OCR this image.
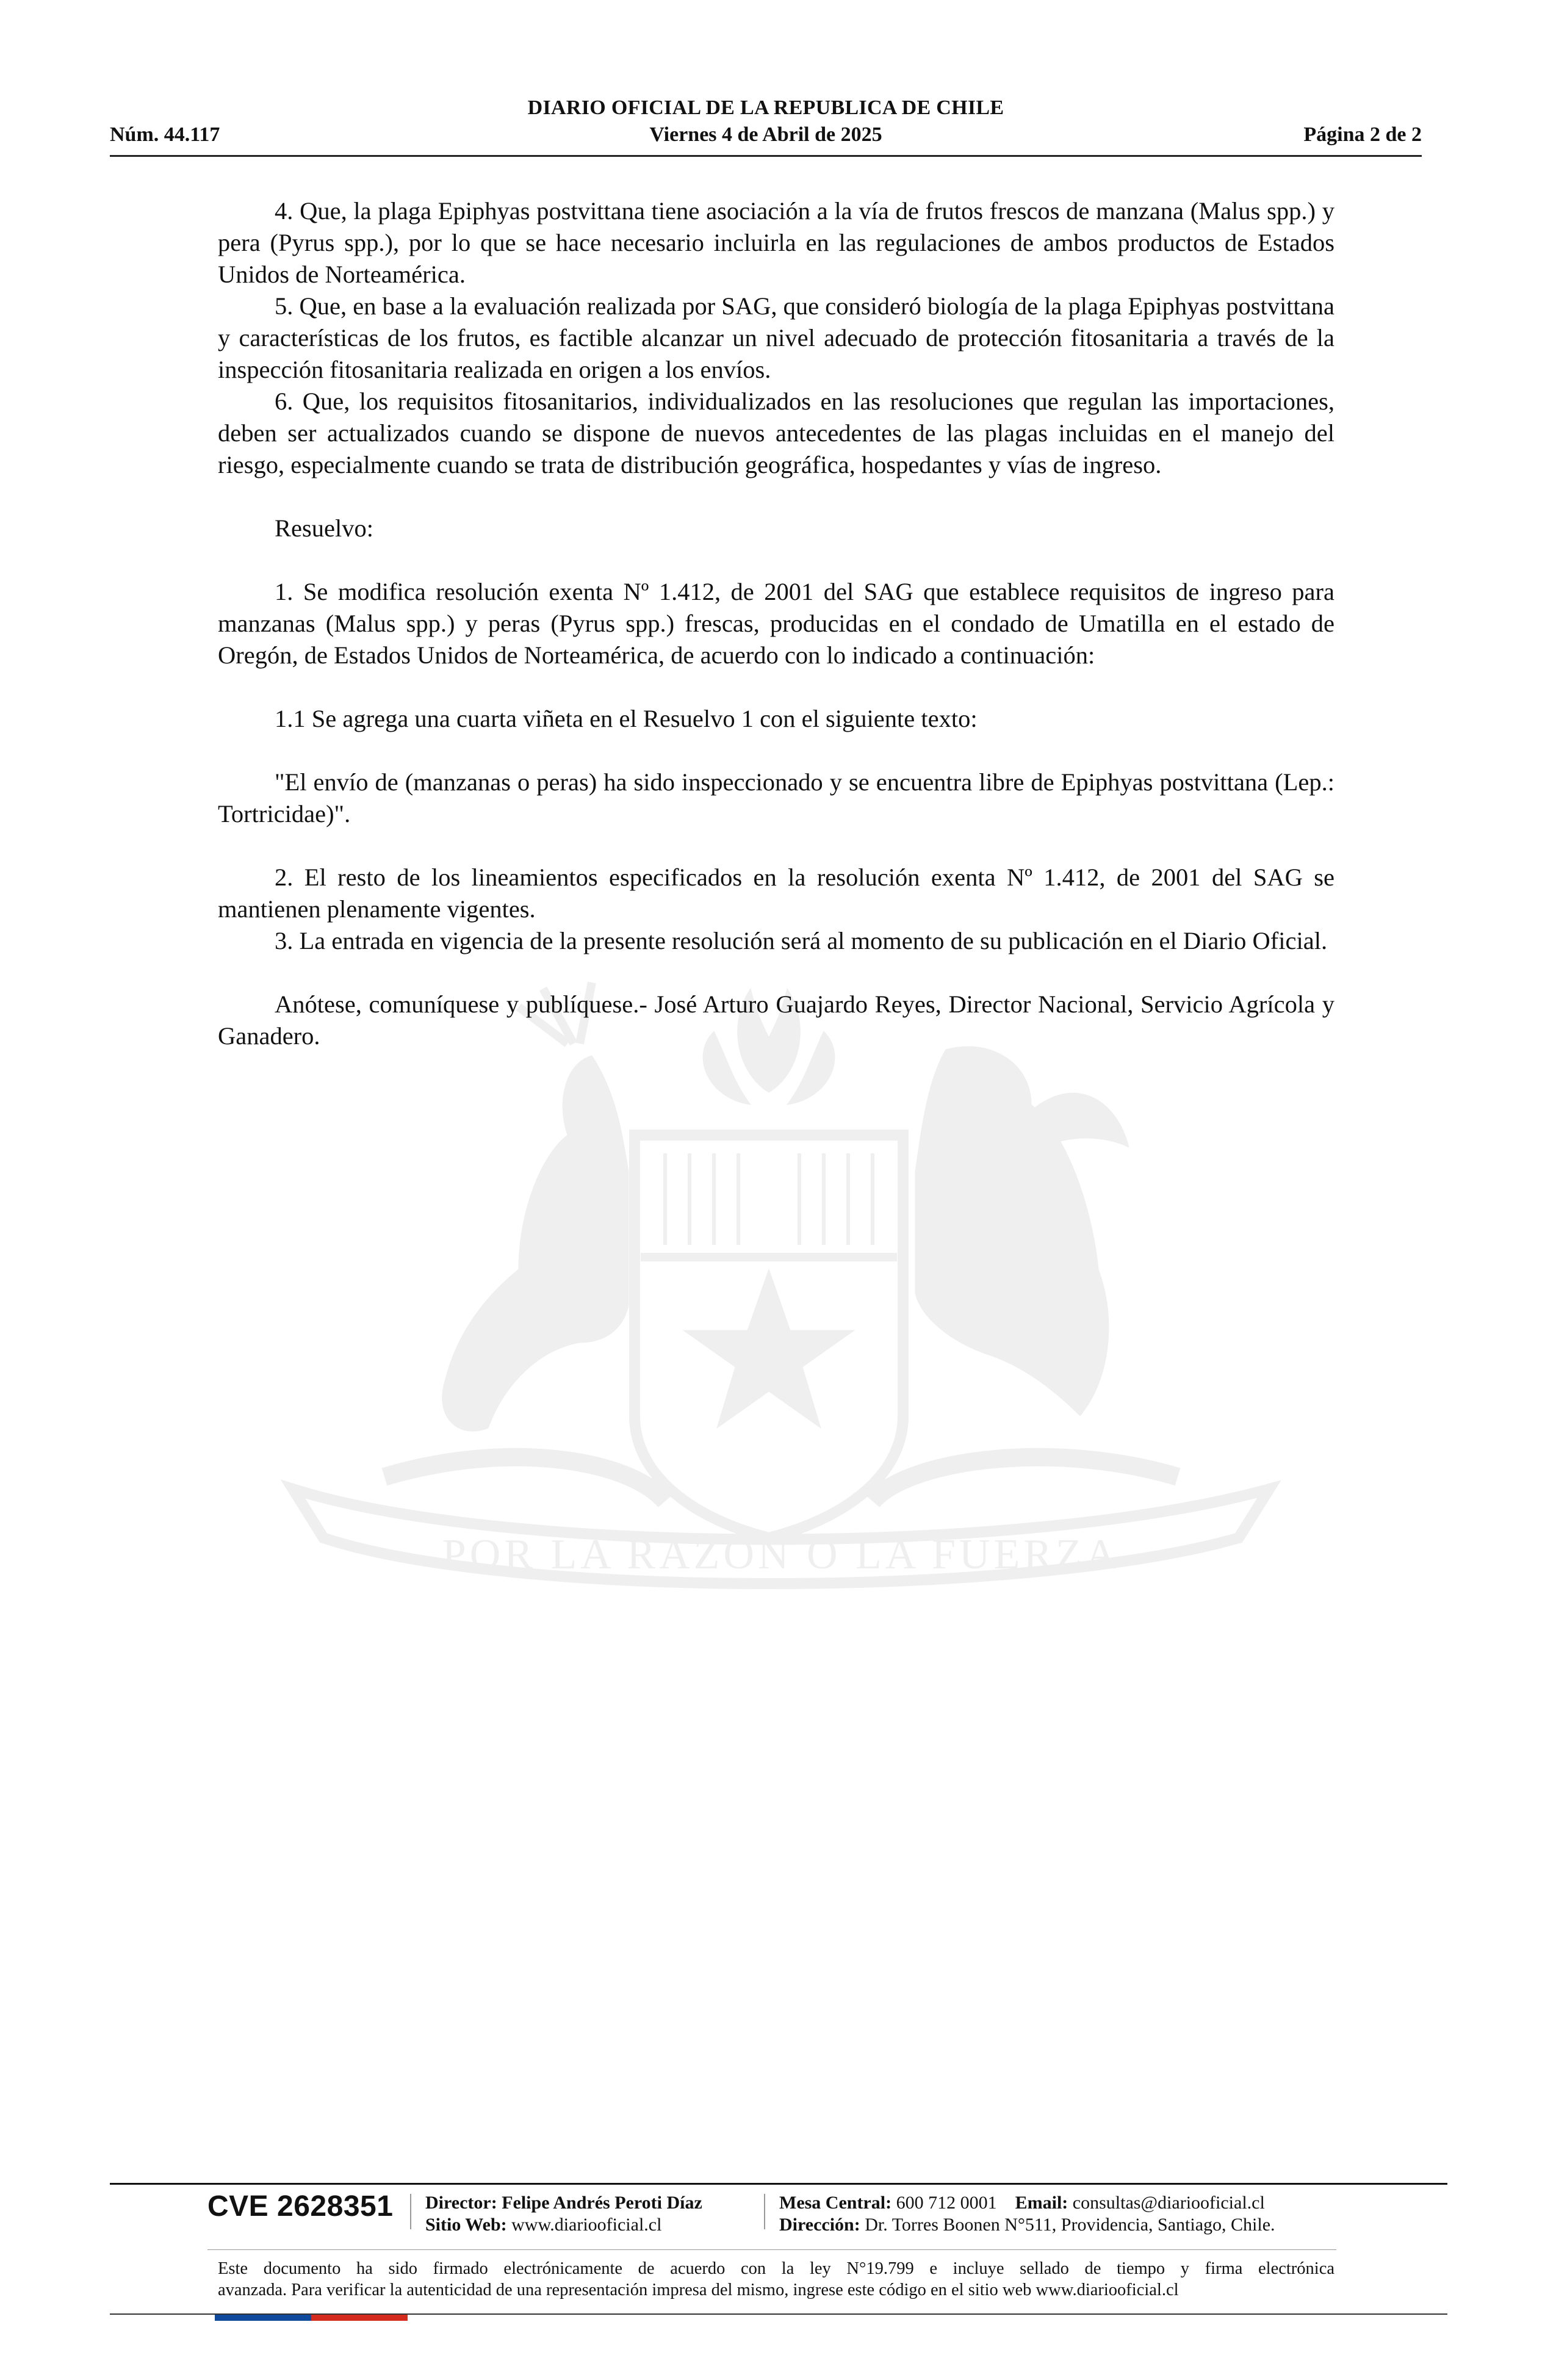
DIARIO OFICIAL DE LA REPUBLICA DE CHILE
Núm. 44.117	Viernes 4 de Abril de 2025	Página 2 de 2
POR LA RAZON O LA FUERZA

4. Que, la plaga Epiphyas postvittana tiene asociación a la vía de frutos frescos de manzana (Malus spp.) y pera (Pyrus spp.), por lo que se hace necesario incluirla en las regulaciones de ambos productos de Estados Unidos de Norteamérica.

5. Que, en base a la evaluación realizada por SAG, que consideró biología de la plaga Epiphyas postvittana y características de los frutos, es factible alcanzar un nivel adecuado de protección fitosanitaria a través de la inspección fitosanitaria realizada en origen a los envíos.

6. Que, los requisitos fitosanitarios, individualizados en las resoluciones que regulan las importaciones, deben ser actualizados cuando se dispone de nuevos antecedentes de las plagas incluidas en el manejo del riesgo, especialmente cuando se trata de distribución geográfica, hospedantes y vías de ingreso.

Resuelvo:

1. Se modifica resolución exenta Nº 1.412, de 2001 del SAG que establece requisitos de ingreso para manzanas (Malus spp.) y peras (Pyrus spp.) frescas, producidas en el condado de Umatilla en el estado de Oregón, de Estados Unidos de Norteamérica, de acuerdo con lo indicado a continuación:

1.1 Se agrega una cuarta viñeta en el Resuelvo 1 con el siguiente texto:

"El envío de (manzanas o peras) ha sido inspeccionado y se encuentra libre de Epiphyas postvittana (Lep.: Tortricidae)".

2. El resto de los lineamientos especificados en la resolución exenta Nº 1.412, de 2001 del SAG se mantienen plenamente vigentes.

3. La entrada en vigencia de la presente resolución será al momento de su publicación en el Diario Oficial.

Anótese, comuníquese y publíquese.- José Arturo Guajardo Reyes, Director Nacional, Servicio Agrícola y Ganadero.

CVE 2628351 Director: Felipe Andrés Peroti Díaz
Sitio Web: www.diariooficial.cl
Mesa Central: 600 712 0001 Email: consultas@diariooficial.cl
Dirección: Dr. Torres Boonen N°511, Providencia, Santiago, Chile.
Este documento ha sido firmado electrónicamente de acuerdo con la ley N°19.799 e incluye sellado de tiempo y firma electrónica
avanzada. Para verificar la autenticidad de una representación impresa del mismo, ingrese este código en el sitio web www.diariooficial.cl
